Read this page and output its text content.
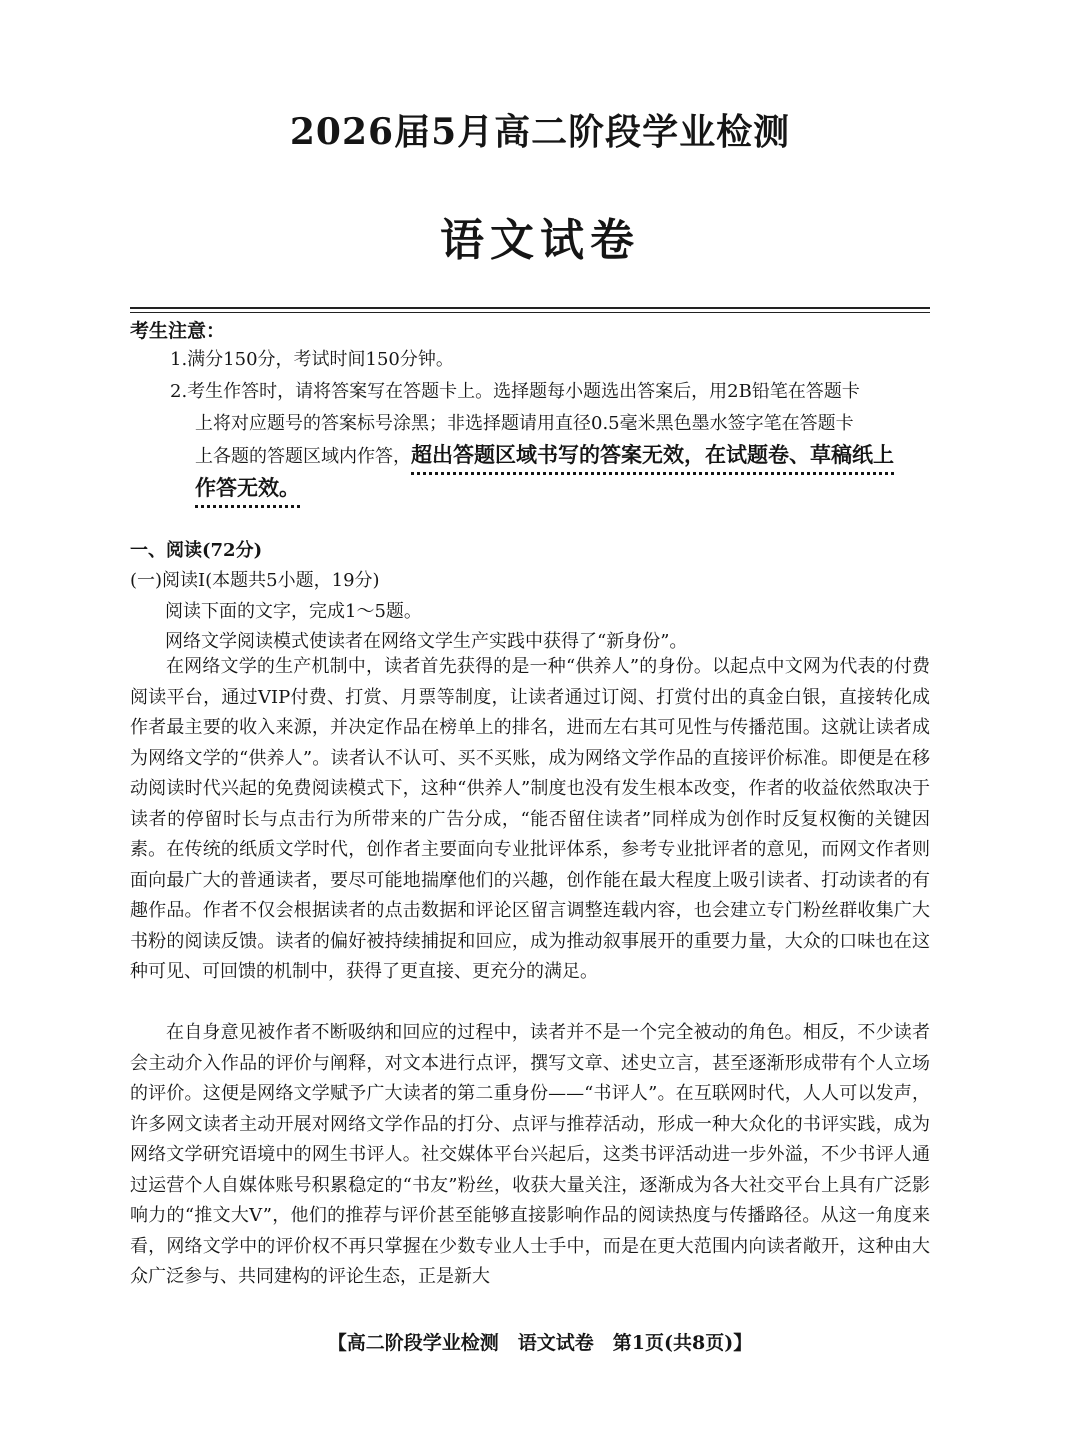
2026届5月高二阶段学业检测
语文试卷
考生注意：
1.满分150分，考试时间150分钟。
2.考生作答时，请将答案写在答题卡上。选择题每小题选出答案后，用2B铅笔在答题卡
上将对应题号的答案标号涂黑；非选择题请用直径0.5毫米黑色墨水签字笔在答题卡
上各题的答题区域内作答，超出答题区域书写的答案无效，在试题卷、草稿纸上
作答无效。
一、阅读(72分)
(一)阅读Ⅰ(本题共5小题，19分)
阅读下面的文字，完成1～5题。
网络文学阅读模式使读者在网络文学生产实践中获得了“新身份”。

在网络文学的生产机制中，读者首先获得的是一种“供养人”的身份。以起点中文网为代表的付费阅读平台，通过VIP付费、打赏、月票等制度，让读者通过订阅、打赏付出的真金白银，直接转化成作者最主要的收入来源，并决定作品在榜单上的排名，进而左右其可见性与传播范围。这就让读者成为网络文学的“供养人”。读者认不认可、买不买账，成为网络文学作品的直接评价标准。即便是在移动阅读时代兴起的免费阅读模式下，这种“供养人”制度也没有发生根本改变，作者的收益依然取决于读者的停留时长与点击行为所带来的广告分成，“能否留住读者”同样成为创作时反复权衡的关键因素。在传统的纸质文学时代，创作者主要面向专业批评体系，参考专业批评者的意见，而网文作者则面向最广大的普通读者，要尽可能地揣摩他们的兴趣，创作能在最大程度上吸引读者、打动读者的有趣作品。作者不仅会根据读者的点击数据和评论区留言调整连载内容，也会建立专门粉丝群收集广大书粉的阅读反馈。读者的偏好被持续捕捉和回应，成为推动叙事展开的重要力量，大众的口味也在这种可见、可回馈的机制中，获得了更直接、更充分的满足。

在自身意见被作者不断吸纳和回应的过程中，读者并不是一个完全被动的角色。相反，不少读者会主动介入作品的评价与阐释，对文本进行点评，撰写文章、述史立言，甚至逐渐形成带有个人立场的评价。这便是网络文学赋予广大读者的第二重身份——“书评人”。在互联网时代，人人可以发声，许多网文读者主动开展对网络文学作品的打分、点评与推荐活动，形成一种大众化的书评实践，成为网络文学研究语境中的网生书评人。社交媒体平台兴起后，这类书评活动进一步外溢，不少书评人通过运营个人自媒体账号积累稳定的“书友”粉丝，收获大量关注，逐渐成为各大社交平台上具有广泛影响力的“推文大V”，他们的推荐与评价甚至能够直接影响作品的阅读热度与传播路径。从这一角度来看，网络文学中的评价权不再只掌握在少数专业人士手中，而是在更大范围内向读者敞开，这种由大众广泛参与、共同建构的评论生态，正是新大

【高二阶段学业检测　语文试卷　第1页(共8页)】
